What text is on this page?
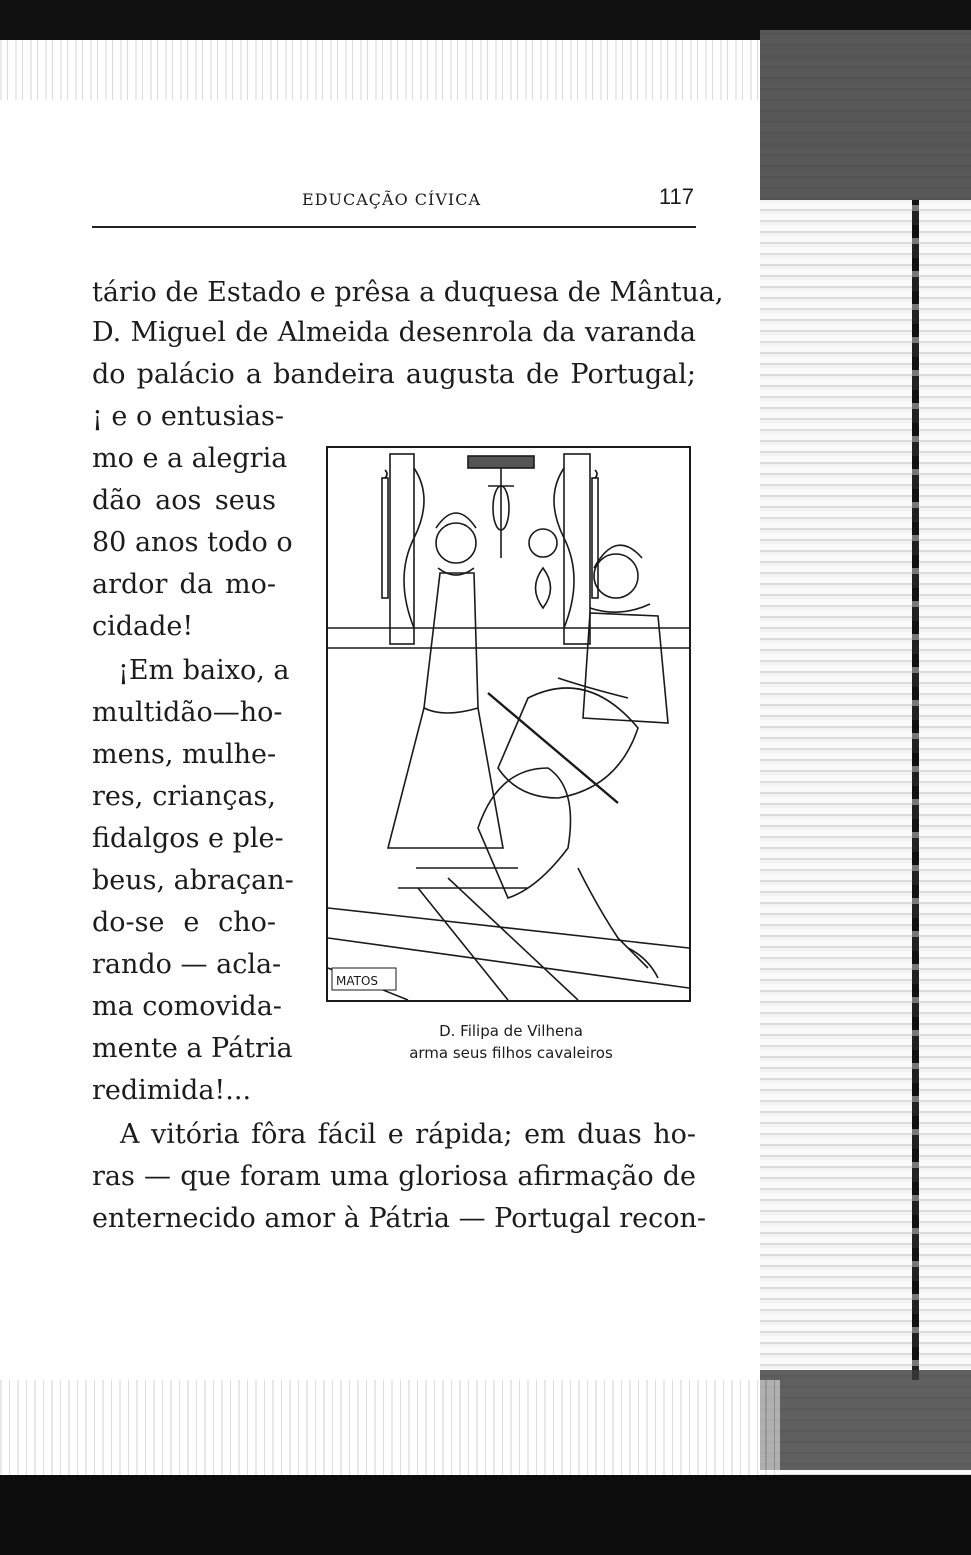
EDUCAÇÃO CÍVICA	117
tário de Estado e prêsa a duquesa de Mântua,
D. Miguel de Almeida desenrola da varanda
do palácio a bandeira augusta de Portugal;
¡ e o entusias-
mo e a alegria
dão aos seus
80 anos todo o
ardor da mo-
cidade!
¡Em baixo, a
multidão—ho-
mens, mulhe-
res, crianças,
fidalgos e ple-
beus, abraçan-
do-se e cho-
rando — acla-
ma comovida-
mente a Pátria
redimida!...
MATOS
D. Filipa de Vilhena
arma seus filhos cavaleiros
A vitória fôra fácil e rápida; em duas ho-
ras — que foram uma gloriosa afirmação de
enternecido amor à Pátria — Portugal recon-
